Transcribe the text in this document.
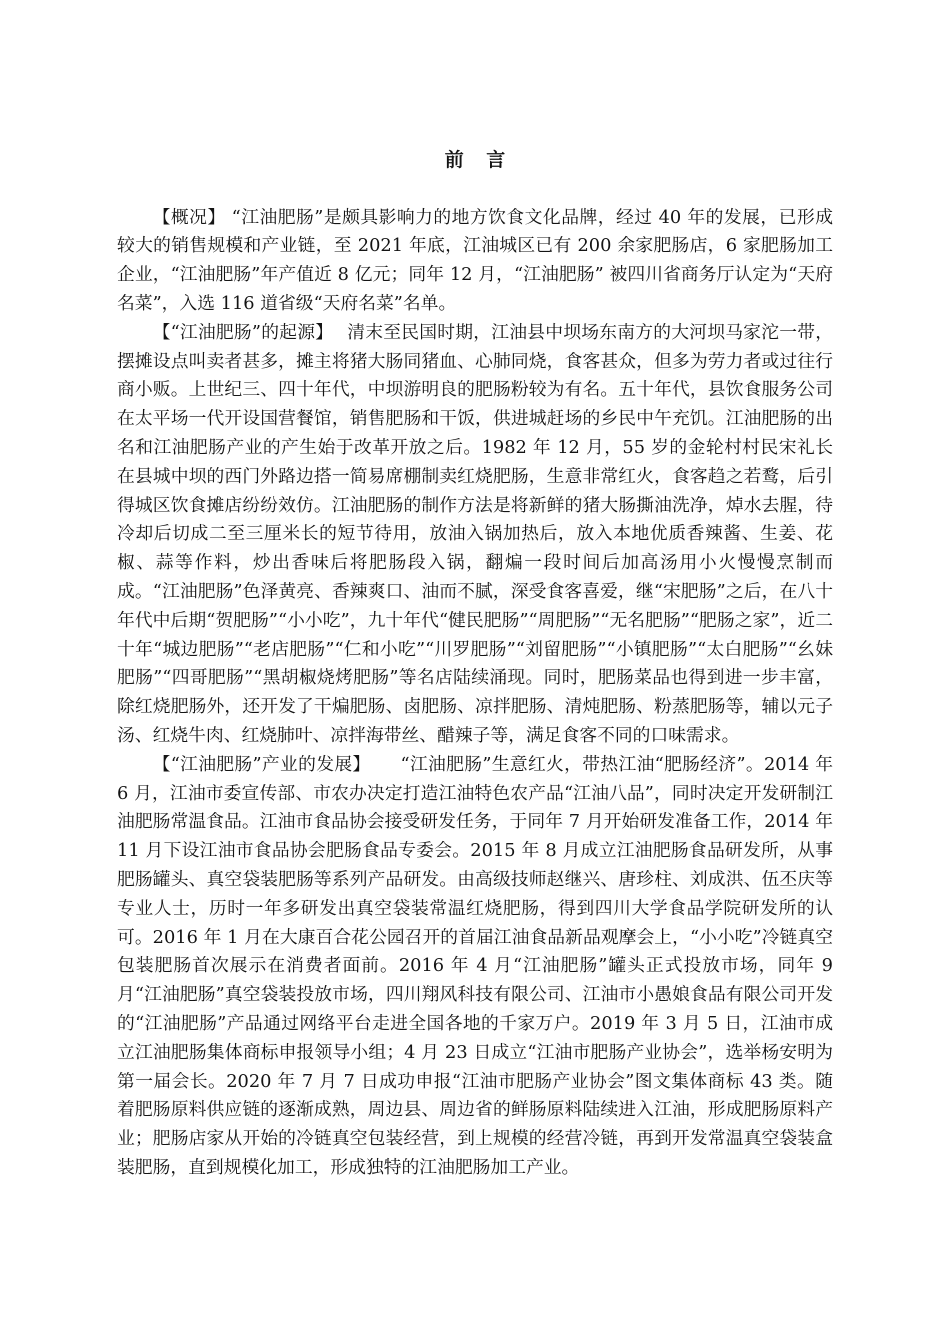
前 言

【概况】 “江油肥肠”是颇具影响力的地方饮食文化品牌，经过 40 年的发展，已形成较大的销售规模和产业链，至 2021 年底，江油城区已有 200 余家肥肠店，6 家肥肠加工企业，“江油肥肠”年产值近 8 亿元；同年 12 月，“江油肥肠” 被四川省商务厅认定为“天府名菜”，入选 116 道省级“天府名菜”名单。

【“江油肥肠”的起源】 清末至民国时期，江油县中坝场东南方的大河坝马家沱一带，摆摊设点叫卖者甚多，摊主将猪大肠同猪血、心肺同烧，食客甚众，但多为劳力者或过往行商小贩。上世纪三、四十年代，中坝游明良的肥肠粉较为有名。五十年代，县饮食服务公司在太平场一代开设国营餐馆，销售肥肠和干饭，供进城赶场的乡民中午充饥。江油肥肠的出名和江油肥肠产业的产生始于改革开放之后。1982 年 12 月，55 岁的金轮村村民宋礼长在县城中坝的西门外路边搭一简易席棚制卖红烧肥肠，生意非常红火，食客趋之若鹜，后引得城区饮食摊店纷纷效仿。江油肥肠的制作方法是将新鲜的猪大肠撕油洗净，焯水去腥，待冷却后切成二至三厘米长的短节待用，放油入锅加热后，放入本地优质香辣酱、生姜、花椒、蒜等作料，炒出香味后将肥肠段入锅，翻煸一段时间后加高汤用小火慢慢烹制而成。“江油肥肠”色泽黄亮、香辣爽口、油而不腻，深受食客喜爱，继“宋肥肠”之后，在八十年代中后期“贺肥肠”“小小吃”，九十年代“健民肥肠”“周肥肠”“无名肥肠”“肥肠之家”，近二十年“城边肥肠”“老店肥肠”“仁和小吃”“川罗肥肠”“刘留肥肠”“小镇肥肠”“太白肥肠”“幺妹肥肠”“四哥肥肠”“黑胡椒烧烤肥肠”等名店陆续涌现。同时，肥肠菜品也得到进一步丰富，除红烧肥肠外，还开发了干煸肥肠、卤肥肠、凉拌肥肠、清炖肥肠、粉蒸肥肠等，辅以元子汤、红烧牛肉、红烧肺叶、凉拌海带丝、醋辣子等，满足食客不同的口味需求。

【“江油肥肠”产业的发展】 “江油肥肠”生意红火，带热江油“肥肠经济”。2014 年 6 月，江油市委宣传部、市农办决定打造江油特色农产品“江油八品”，同时决定开发研制江油肥肠常温食品。江油市食品协会接受研发任务，于同年 7 月开始研发准备工作，2014 年 11 月下设江油市食品协会肥肠食品专委会。2015 年 8 月成立江油肥肠食品研发所，从事肥肠罐头、真空袋装肥肠等系列产品研发。由高级技师赵继兴、唐珍柱、刘成洪、伍丕庆等专业人士，历时一年多研发出真空袋装常温红烧肥肠，得到四川大学食品学院研发所的认可。2016 年 1 月在大康百合花公园召开的首届江油食品新品观摩会上，“小小吃”冷链真空包装肥肠首次展示在消费者面前。2016 年 4 月“江油肥肠”罐头正式投放市场，同年 9 月“江油肥肠”真空袋装投放市场，四川翔风科技有限公司、江油市小愚娘食品有限公司开发的“江油肥肠”产品通过网络平台走进全国各地的千家万户。2019 年 3 月 5 日，江油市成立江油肥肠集体商标申报领导小组；4 月 23 日成立“江油市肥肠产业协会”，选举杨安明为第一届会长。2020 年 7 月 7 日成功申报“江油市肥肠产业协会”图文集体商标 43 类。随着肥肠原料供应链的逐渐成熟，周边县、周边省的鲜肠原料陆续进入江油，形成肥肠原料产业；肥肠店家从开始的冷链真空包装经营，到上规模的经营冷链，再到开发常温真空袋装盒装肥肠，直到规模化加工，形成独特的江油肥肠加工产业。
